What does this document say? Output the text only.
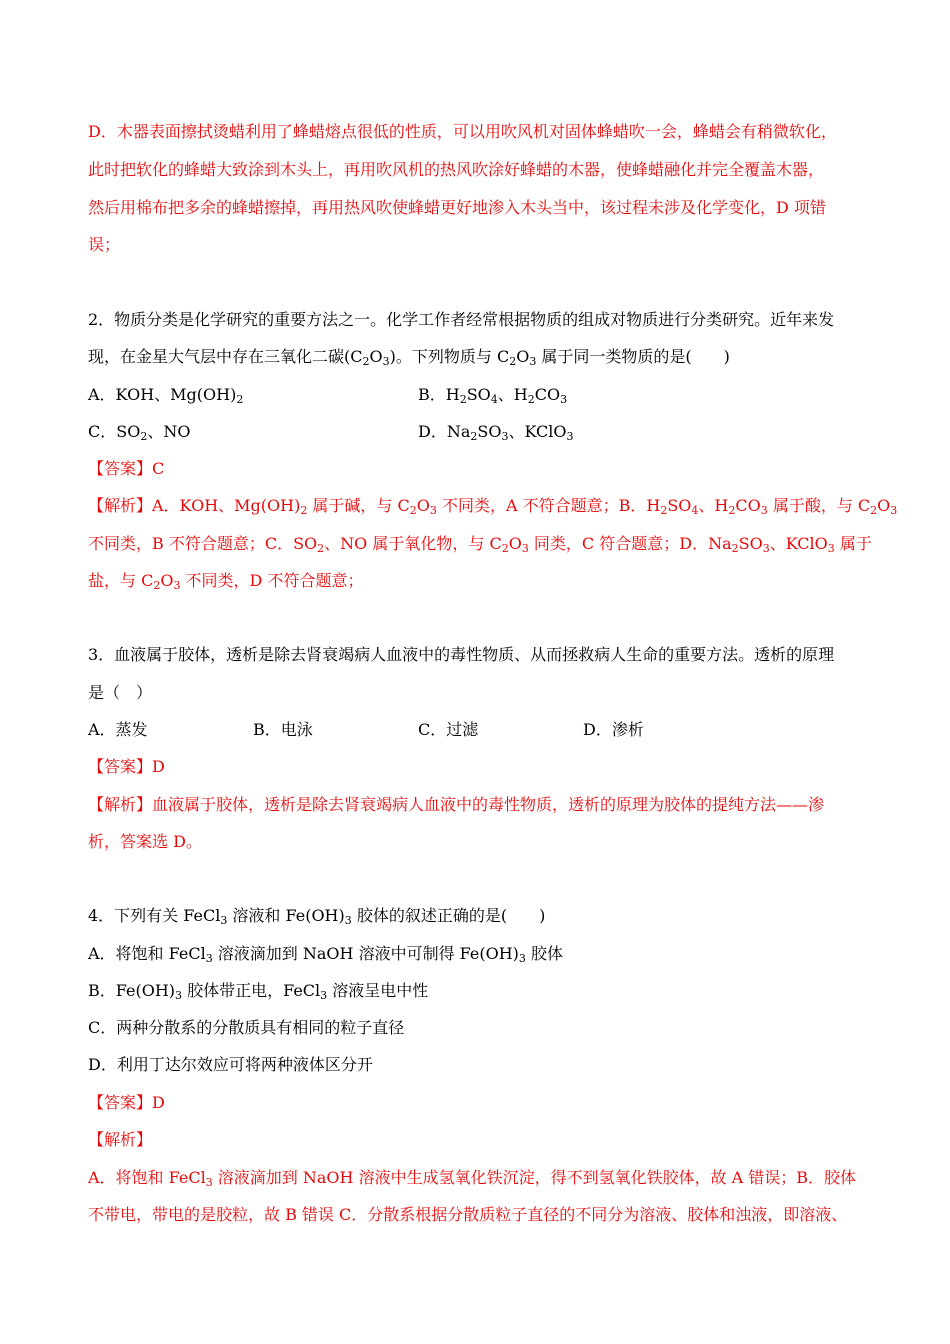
D．木器表面擦拭烫蜡利用了蜂蜡熔点很低的性质，可以用吹风机对固体蜂蜡吹一会，蜂蜡会有稍微软化，
此时把软化的蜂蜡大致涂到木头上，再用吹风机的热风吹涂好蜂蜡的木器，使蜂蜡融化并完全覆盖木器，
然后用棉布把多余的蜂蜡擦掉，再用热风吹使蜂蜡更好地渗入木头当中，该过程未涉及化学变化，D 项错
误；
2．物质分类是化学研究的重要方法之一。化学工作者经常根据物质的组成对物质进行分类研究。近年来发
现，在金星大气层中存在三氧化二碳$(C_2O_3)$。下列物质与 $C_2O_3$ 属于同一类物质的是(　　)
A．KOH、$Mg(OH)_2$	B．$H_2SO_4$、$H_2CO_3$
C．$SO_2$、NO	D．$Na_2SO_3$、KClO$_3$
【答案】C
【解析】A．KOH、$Mg(OH)_2$ 属于碱，与 $C_2O_3$ 不同类，A 不符合题意；B．$H_2SO_4$、$H_2CO_3$ 属于酸，与 $C_2O_3$
不同类，B 不符合题意；C．$SO_2$、NO 属于氧化物，与 $C_2O_3$ 同类，C 符合题意；D．$Na_2SO_3$、KClO$_3$ 属于
盐，与 $C_2O_3$ 不同类，D 不符合题意；
3．血液属于胶体，透析是除去肾衰竭病人血液中的毒性物质、从而拯救病人生命的重要方法。透析的原理
是（　）
A．蒸发	B．电泳	C．过滤	D．渗析
【答案】D
【解析】血液属于胶体，透析是除去肾衰竭病人血液中的毒性物质，透析的原理为胶体的提纯方法——渗
析，答案选 D。
4．下列有关 FeCl$_3$ 溶液和 $Fe(OH)_3$ 胶体的叙述正确的是(　　)
A．将饱和 FeCl$_3$ 溶液滴加到 NaOH 溶液中可制得 $Fe(OH)_3$ 胶体
B．$Fe(OH)_3$ 胶体带正电，FeCl$_3$ 溶液呈电中性
C．两种分散系的分散质具有相同的粒子直径
D．利用丁达尔效应可将两种液体区分开
【答案】D
【解析】
A．将饱和 FeCl$_3$ 溶液滴加到 NaOH 溶液中生成氢氧化铁沉淀，得不到氢氧化铁胶体，故 A 错误；B．胶体
不带电，带电的是胶粒，故 B 错误 C．分散系根据分散质粒子直径的不同分为溶液、胶体和浊液，即溶液、
